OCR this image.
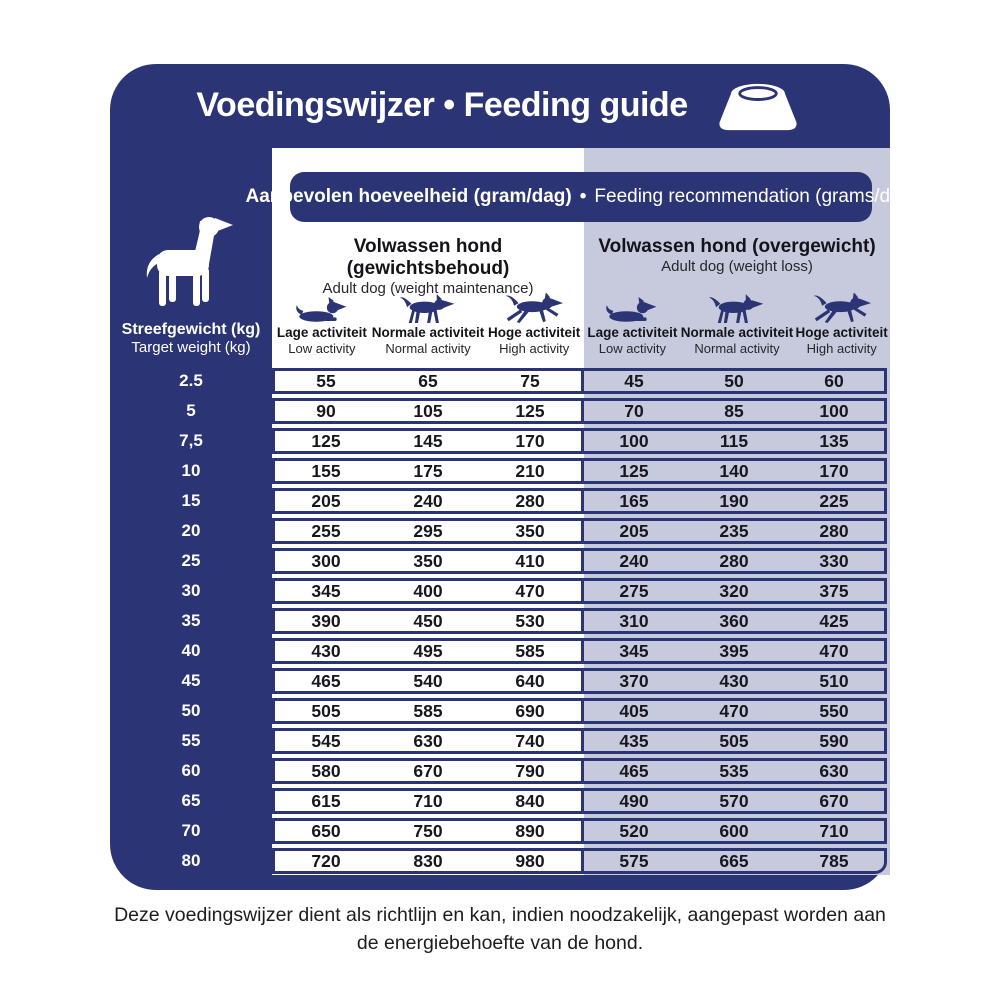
Voedingswijzer • Feeding guide
Streefgewicht (kg)
Target weight (kg)
Aanbevolen hoeveelheid (gram/dag) • Feeding recommendation (grams/day)
Volwassen hond (gewichtsbehoud)
Adult dog (weight maintenance)
Volwassen hond (overgewicht)
Adult dog (weight loss)
Lage activiteit
Low activity
Normale activiteit
Normal activity
Hoge activiteit
High activity
Lage activiteit
Low activity
Normale activiteit
Normal activity
Hoge activiteit
High activity
2.5	55	65	75	45	50	60
5	90	105	125	70	85	100
7,5	125	145	170	100	115	135
10	155	175	210	125	140	170
15	205	240	280	165	190	225
20	255	295	350	205	235	280
25	300	350	410	240	280	330
30	345	400	470	275	320	375
35	390	450	530	310	360	425
40	430	495	585	345	395	470
45	465	540	640	370	430	510
50	505	585	690	405	470	550
55	545	630	740	435	505	590
60	580	670	790	465	535	630
65	615	710	840	490	570	670
70	650	750	890	520	600	710
80	720	830	980	575	665	785
Deze voedingswijzer dient als richtlijn en kan, indien noodzakelijk, aangepast worden aan de energiebehoefte van de hond.
